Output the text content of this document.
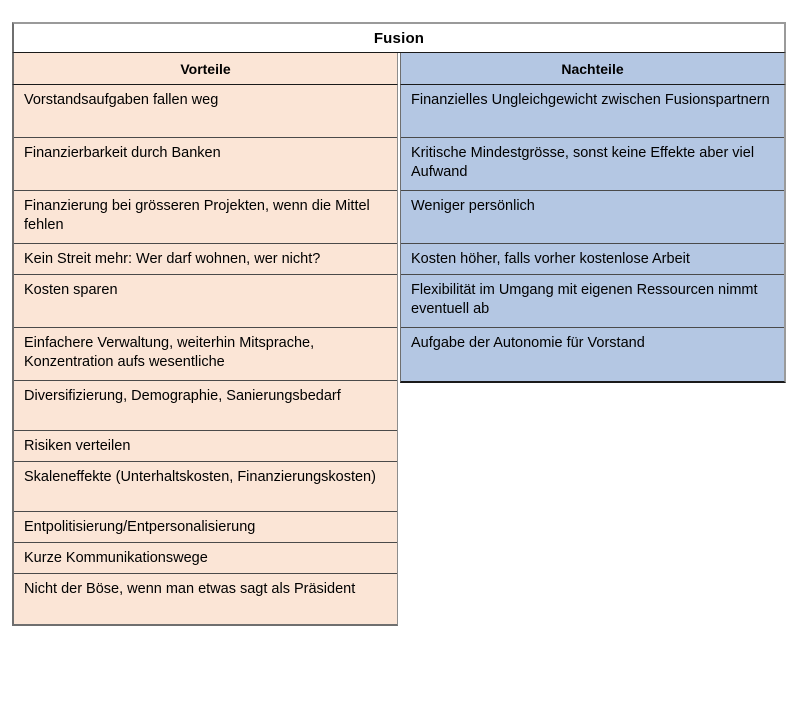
Fusion
Vorteile	Nachteile
Vorstandsaufgaben fallen weg
Finanzierbarkeit durch Banken
Finanzierung bei grösseren Projekten, wenn die Mittel fehlen
Kein Streit mehr: Wer darf wohnen, wer nicht?
Kosten sparen
Einfachere Verwaltung, weiterhin Mitsprache, Konzentration aufs wesentliche
Diversifizierung, Demographie, Sanierungsbedarf
Risiken verteilen
Skaleneffekte (Unterhaltskosten, Finanzierungskosten)
Entpolitisierung/Entpersonalisierung
Kurze Kommunikationswege
Nicht der Böse, wenn man etwas sagt als Präsident
Finanzielles Ungleichgewicht zwischen Fusionspartnern
Kritische Mindestgrösse, sonst keine Effekte aber viel Aufwand
Weniger persönlich
Kosten höher, falls vorher kostenlose Arbeit
Flexibilität im Umgang mit eigenen Ressourcen nimmt eventuell ab
Aufgabe der Autonomie für Vorstand
